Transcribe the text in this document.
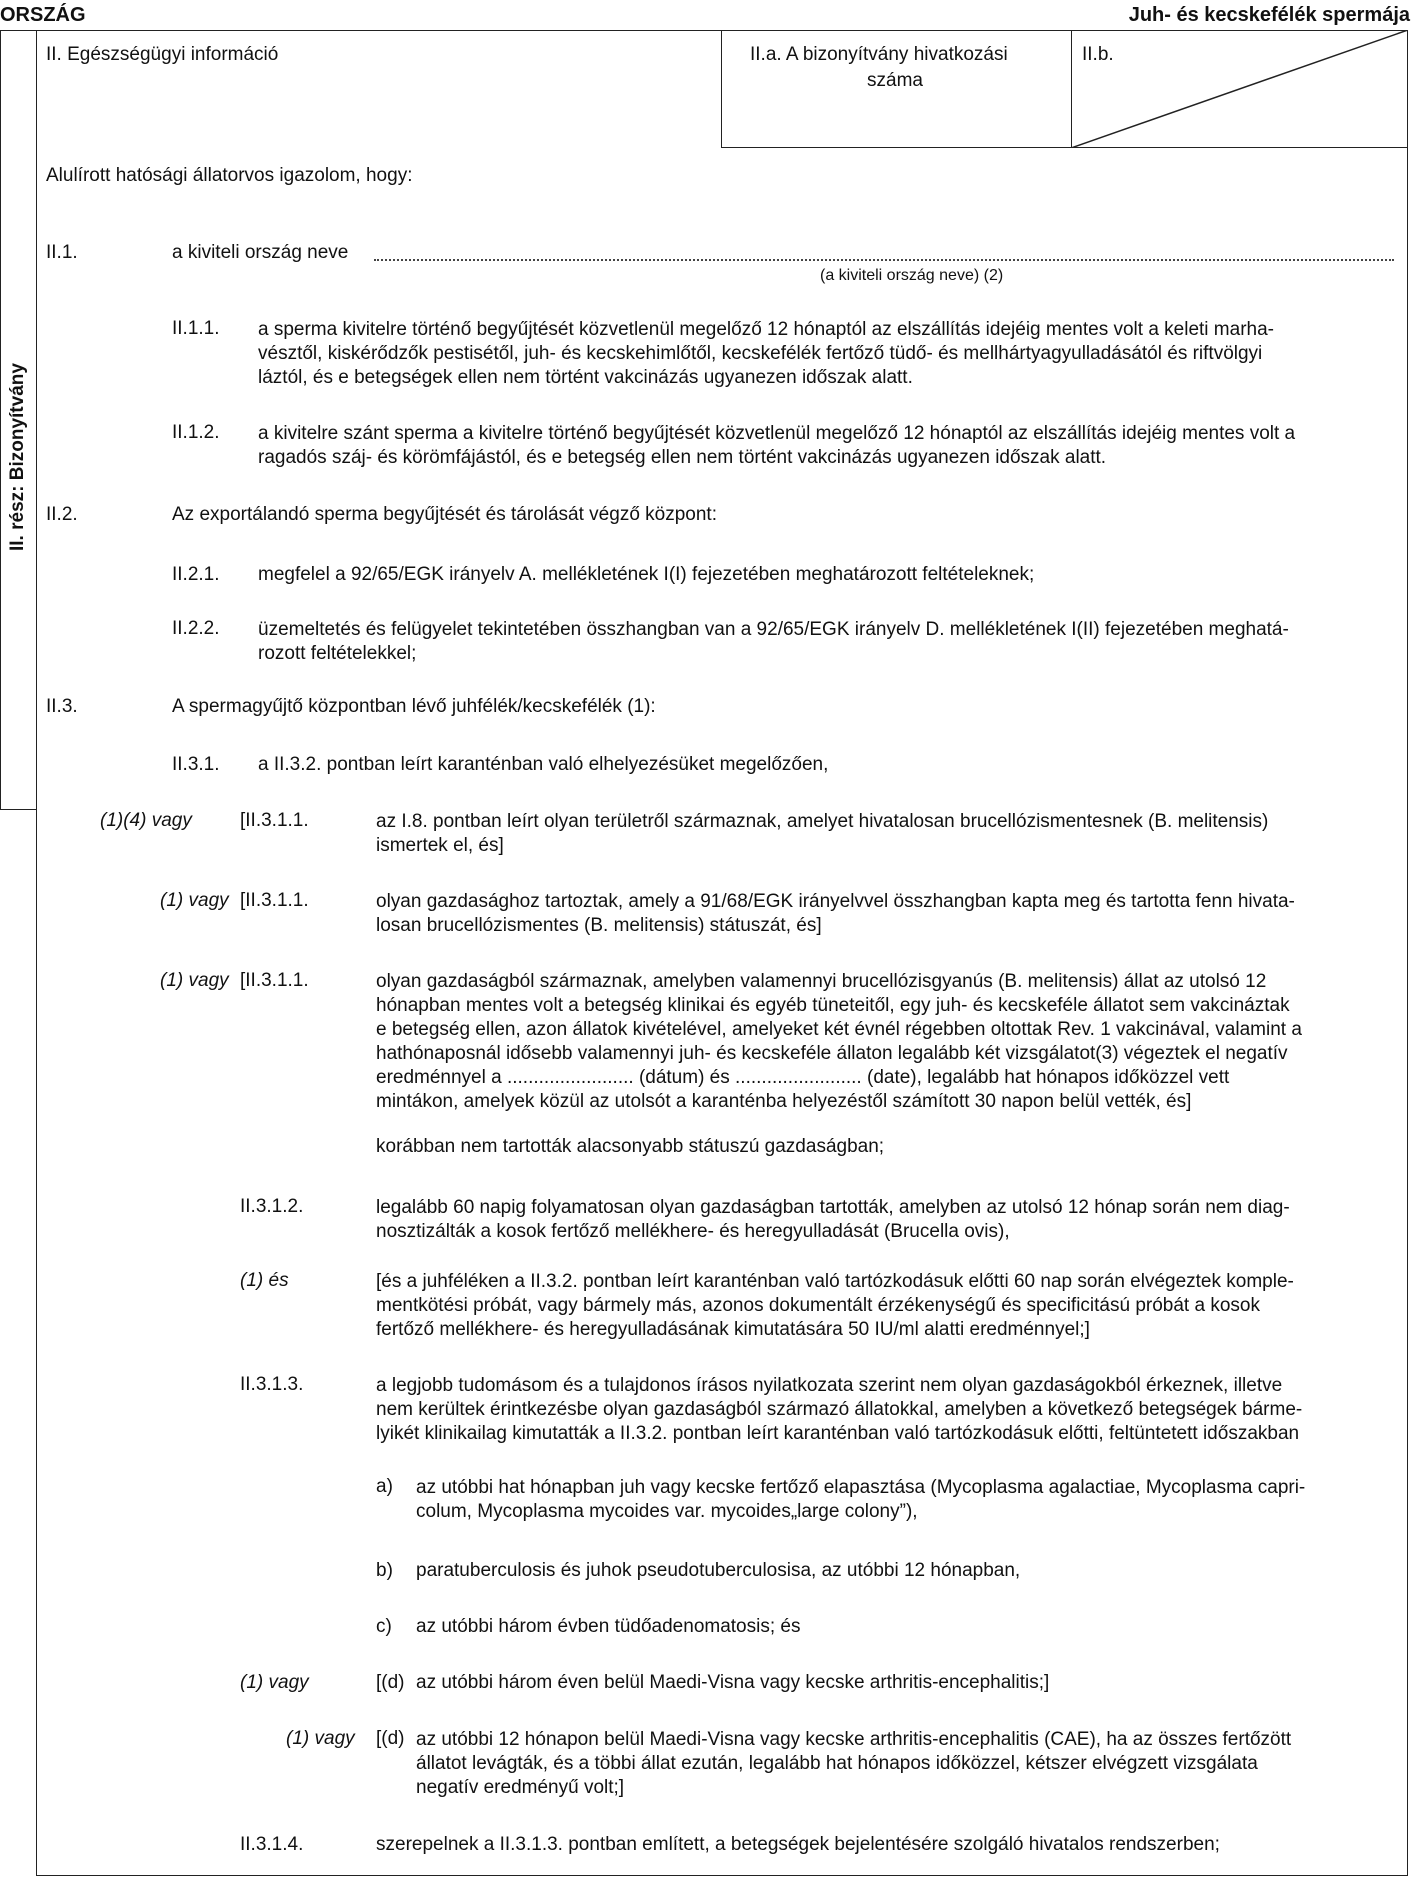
ORSZÁG	Juh- és kecskefélék spermája
II. rész: Bizonyítvány
II. Egészségügyi információ	II.a. A bizonyítvány hivatkozási
száma
II.b.
Alulírott hatósági állatorvos igazolom, hogy:
II.1.	a kiviteli ország neve
(a kiviteli ország neve) (2)
II.1.1. a sperma kivitelre történő begyűjtését közvetlenül megelőző 12 hónaptól az elszállítás idejéig mentes volt a keleti marha-
vésztől, kiskérődzők pestisétől, juh- és kecskehimlőtől, kecskefélék fertőző tüdő- és mellhártyagyulladásától és riftvölgyi
láztól, és e betegségek ellen nem történt vakcinázás ugyanezen időszak alatt.
II.1.2. a kivitelre szánt sperma a kivitelre történő begyűjtését közvetlenül megelőző 12 hónaptól az elszállítás idejéig mentes volt a
ragadós száj- és körömfájástól, és e betegség ellen nem történt vakcinázás ugyanezen időszak alatt.
II.2.	Az exportálandó sperma begyűjtését és tárolását végző központ:
II.2.1. megfelel a 92/65/EGK irányelv A. mellékletének I(I) fejezetében meghatározott feltételeknek;
II.2.2. üzemeltetés és felügyelet tekintetében összhangban van a 92/65/EGK irányelv D. mellékletének I(II) fejezetében meghatá-
rozott feltételekkel;
II.3.	A spermagyűjtő központban lévő juhfélék/kecskefélék (1):
II.3.1. a II.3.2. pontban leírt karanténban való elhelyezésüket megelőzően,
(1)(4) vagy	[II.3.1.1.	az I.8. pontban leírt olyan területről származnak, amelyet hivatalosan brucellózismentesnek (B. melitensis)
ismertek el, és]
(1) vagy [II.3.1.1.	olyan gazdasághoz tartoztak, amely a 91/68/EGK irányelvvel összhangban kapta meg és tartotta fenn hivata-
losan brucellózismentes (B. melitensis) státuszát, és]
(1) vagy [II.3.1.1.	olyan gazdaságból származnak, amelyben valamennyi brucellózisgyanús (B. melitensis) állat az utolsó 12
hónapban mentes volt a betegség klinikai és egyéb tüneteitől, egy juh- és kecskeféle állatot sem vakcináztak
e betegség ellen, azon állatok kivételével, amelyeket két évnél régebben oltottak Rev. 1 vakcinával, valamint a
hathónaposnál idősebb valamennyi juh- és kecskeféle állaton legalább két vizsgálatot(3) végeztek el negatív
eredménnyel a ........................ (dátum) és ........................ (date), legalább hat hónapos időközzel vett
mintákon, amelyek közül az utolsót a karanténba helyezéstől számított 30 napon belül vették, és]
korábban nem tartották alacsonyabb státuszú gazdaságban;
II.3.1.2.	legalább 60 napig folyamatosan olyan gazdaságban tartották, amelyben az utolsó 12 hónap során nem diag-
nosztizálták a kosok fertőző mellékhere- és heregyulladását (Brucella ovis),
(1) és	[és a juhféléken a II.3.2. pontban leírt karanténban való tartózkodásuk előtti 60 nap során elvégeztek komple-
mentkötési próbát, vagy bármely más, azonos dokumentált érzékenységű és specificitású próbát a kosok
fertőző mellékhere- és heregyulladásának kimutatására 50 IU/ml alatti eredménnyel;]
II.3.1.3.	a legjobb tudomásom és a tulajdonos írásos nyilatkozata szerint nem olyan gazdaságokból érkeznek, illetve
nem kerültek érintkezésbe olyan gazdaságból származó állatokkal, amelyben a következő betegségek bárme-
lyikét klinikailag kimutatták a II.3.2. pontban leírt karanténban való tartózkodásuk előtti, feltüntetett időszakban
a) az utóbbi hat hónapban juh vagy kecske fertőző elapasztása (Mycoplasma agalactiae, Mycoplasma capri-
colum, Mycoplasma mycoides var. mycoides„large colony”),
b) paratuberculosis és juhok pseudotuberculosisa, az utóbbi 12 hónapban,
c) az utóbbi három évben tüdőadenomatosis; és
(1) vagy	[(d) az utóbbi három éven belül Maedi-Visna vagy kecske arthritis-encephalitis;]
(1) vagy [(d) az utóbbi 12 hónapon belül Maedi-Visna vagy kecske arthritis-encephalitis (CAE), ha az összes fertőzött
állatot levágták, és a többi állat ezután, legalább hat hónapos időközzel, kétszer elvégzett vizsgálata
negatív eredményű volt;]
II.3.1.4.	szerepelnek a II.3.1.3. pontban említett, a betegségek bejelentésére szolgáló hivatalos rendszerben;
